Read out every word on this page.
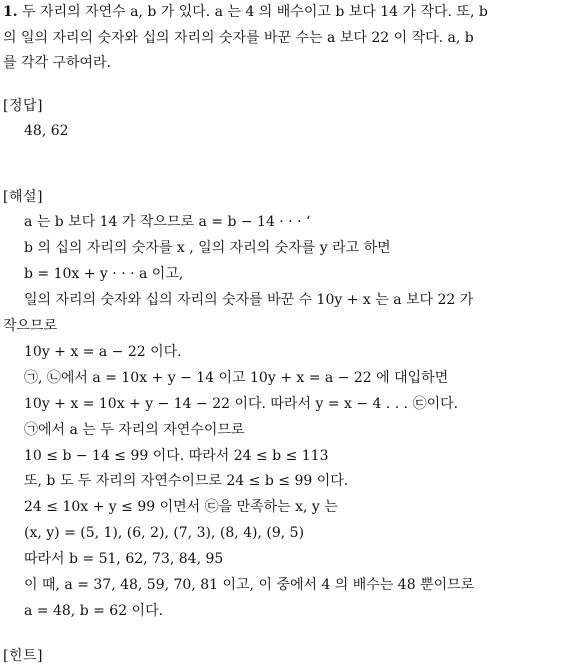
1. 두 자리의 자연수 a, b 가 있다. a 는 4 의 배수이고 b 보다 14 가 작다. 또, b
의 일의 자리의 숫자와 십의 자리의 숫자를 바꾼 수는 a 보다 22 이 작다. a, b
를 각각 구하여라.
[정답]
48, 62
[해설]
a 는 b 보다 14 가 작으므로 a = b − 14 · · · ‘
b 의 십의 자리의 숫자를 x , 일의 자리의 숫자를 y 라고 하면
b = 10x + y · · · a 이고,
일의 자리의 숫자와 십의 자리의 숫자를 바꾼 수 10y + x 는 a 보다 22 가
작으므로
10y + x = a − 22 이다.
㉠, ㉡에서 a = 10x + y − 14 이고 10y + x = a − 22 에 대입하면
10y + x = 10x + y − 14 − 22 이다. 따라서 y = x − 4 . . . ㉢이다.
㉠에서 a 는 두 자리의 자연수이므로
10 ≤ b − 14 ≤ 99 이다. 따라서 24 ≤ b ≤ 113
또, b 도 두 자리의 자연수이므로 24 ≤ b ≤ 99 이다.
24 ≤ 10x + y ≤ 99 이면서 ㉢을 만족하는 x, y 는
(x, y) = (5, 1), (6, 2), (7, 3), (8, 4), (9, 5)
따라서 b = 51, 62, 73, 84, 95
이 때, a = 37, 48, 59, 70, 81 이고, 이 중에서 4 의 배수는 48 뿐이므로
a = 48, b = 62 이다.
[힌트]
